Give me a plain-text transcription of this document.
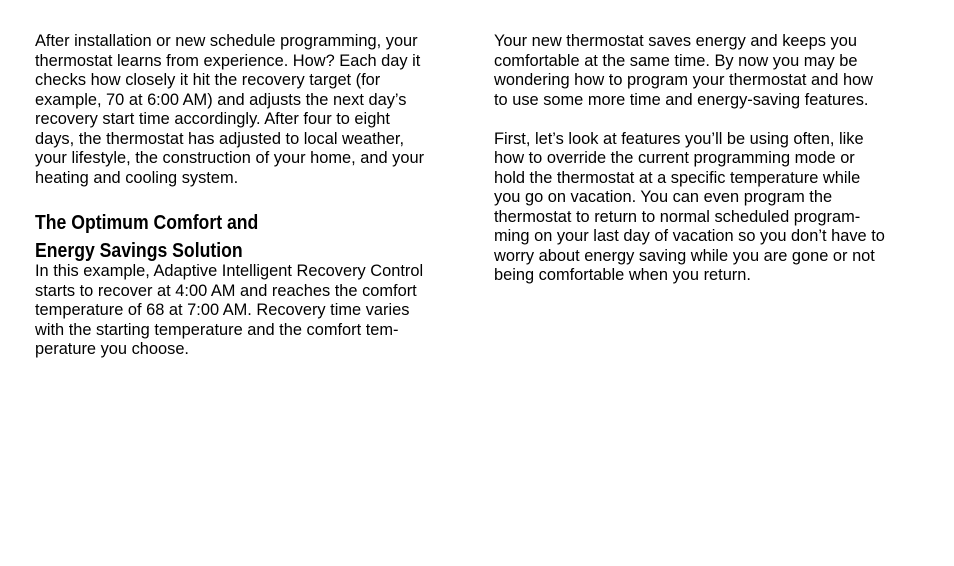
After installation or new schedule programming, your
thermostat learns from experience. How? Each day it
checks how closely it hit the recovery target (for
example, 70 at 6:00 AM) and adjusts the next day’s
recovery start time accordingly. After four to eight
days, the thermostat has adjusted to local weather,
your lifestyle, the construction of your home, and your
heating and cooling system.
The Optimum Comfort and
Energy Savings Solution
In this example, Adaptive Intelligent Recovery Control
starts to recover at 4:00 AM and reaches the comfort
temperature of 68 at 7:00 AM. Recovery time varies
with the starting temperature and the comfort tem-
perature you choose.
Your new thermostat saves energy and keeps you
comfortable at the same time. By now you may be
wondering how to program your thermostat and how
to use some more time and energy-saving features.
First, let’s look at features you’ll be using often, like
how to override the current programming mode or
hold the thermostat at a specific temperature while
you go on vacation. You can even program the
thermostat to return to normal scheduled program-
ming on your last day of vacation so you don’t have to
worry about energy saving while you are gone or not
being comfortable when you return.
